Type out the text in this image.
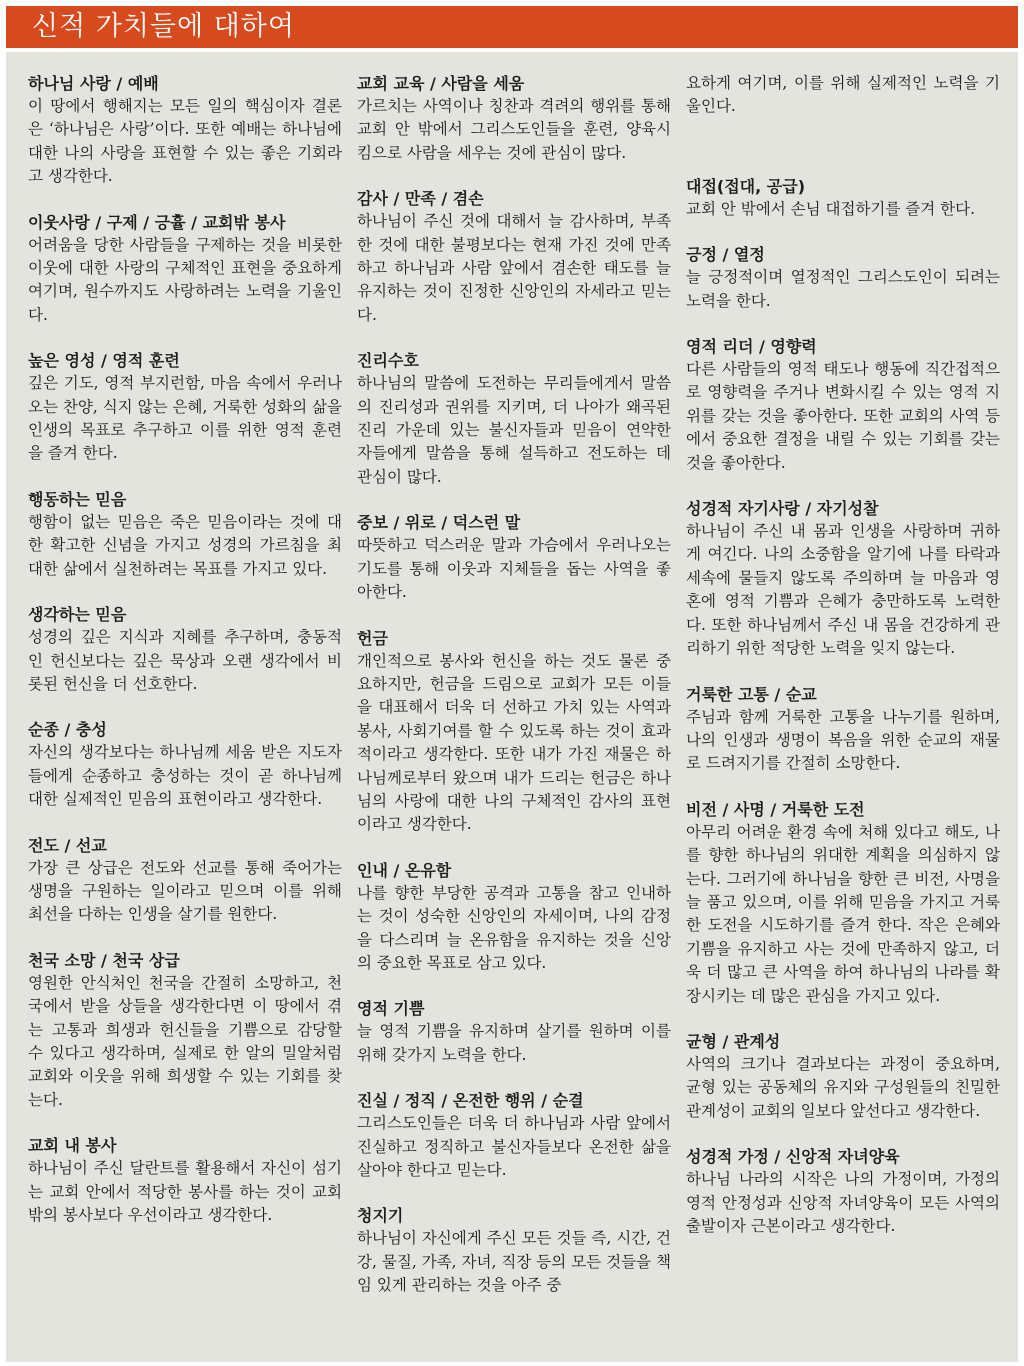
신적 가치들에 대하여
하나님 사랑 / 예배

이 땅에서 행해지는 모든 일의 핵심이자 결론은 ‘하나님은 사랑’이다. 또한 예배는 하나님에 대한 나의 사랑을 표현할 수 있는 좋은 기회라고 생각한다.

이웃사랑 / 구제 / 긍휼 / 교회밖 봉사

어려움을 당한 사람들을 구제하는 것을 비롯한 이웃에 대한 사랑의 구체적인 표현을 중요하게 여기며, 원수까지도 사랑하려는 노력을 기울인다.

높은 영성 / 영적 훈련

깊은 기도, 영적 부지런함, 마음 속에서 우러나오는 찬양, 식지 않는 은혜, 거룩한 성화의 삶을 인생의 목표로 추구하고 이를 위한 영적 훈련을 즐겨 한다.

행동하는 믿음

행함이 없는 믿음은 죽은 믿음이라는 것에 대한 확고한 신념을 가지고 성경의 가르침을 최대한 삶에서 실천하려는 목표를 가지고 있다.

생각하는 믿음

성경의 깊은 지식과 지혜를 추구하며, 충동적인 헌신보다는 깊은 묵상과 오랜 생각에서 비롯된 헌신을 더 선호한다.

순종 / 충성

자신의 생각보다는 하나님께 세움 받은 지도자들에게 순종하고 충성하는 것이 곧 하나님께 대한 실제적인 믿음의 표현이라고 생각한다.

전도 / 선교

가장 큰 상급은 전도와 선교를 통해 죽어가는 생명을 구원하는 일이라고 믿으며 이를 위해 최선을 다하는 인생을 살기를 원한다.

천국 소망 / 천국 상급

영원한 안식처인 천국을 간절히 소망하고, 천국에서 받을 상들을 생각한다면 이 땅에서 겪는 고통과 희생과 헌신들을 기쁨으로 감당할 수 있다고 생각하며, 실제로 한 알의 밀알처럼 교회와 이웃을 위해 희생할 수 있는 기회를 찾는다.

교회 내 봉사

하나님이 주신 달란트를 활용해서 자신이 섬기는 교회 안에서 적당한 봉사를 하는 것이 교회 밖의 봉사보다 우선이라고 생각한다.

교회 교육 / 사람을 세움

가르치는 사역이나 칭찬과 격려의 행위를 통해 교회 안 밖에서 그리스도인들을 훈련, 양육시킴으로 사람을 세우는 것에 관심이 많다.

감사 / 만족 / 겸손

하나님이 주신 것에 대해서 늘 감사하며, 부족한 것에 대한 불평보다는 현재 가진 것에 만족하고 하나님과 사람 앞에서 겸손한 태도를 늘 유지하는 것이 진정한 신앙인의 자세라고 믿는다.

진리수호

하나님의 말씀에 도전하는 무리들에게서 말씀의 진리성과 권위를 지키며, 더 나아가 왜곡된 진리 가운데 있는 불신자들과 믿음이 연약한 자들에게 말씀을 통해 설득하고 전도하는 데 관심이 많다.

중보 / 위로 / 덕스런 말

따뜻하고 덕스러운 말과 가슴에서 우러나오는 기도를 통해 이웃과 지체들을 돕는 사역을 좋아한다.

헌금

개인적으로 봉사와 헌신을 하는 것도 물론 중요하지만, 헌금을 드림으로 교회가 모든 이들을 대표해서 더욱 더 선하고 가치 있는 사역과 봉사, 사회기여를 할 수 있도록 하는 것이 효과적이라고 생각한다. 또한 내가 가진 재물은 하나님께로부터 왔으며 내가 드리는 헌금은 하나님의 사랑에 대한 나의 구체적인 감사의 표현이라고 생각한다.

인내 / 온유함

나를 향한 부당한 공격과 고통을 참고 인내하는 것이 성숙한 신앙인의 자세이며, 나의 감정을 다스리며 늘 온유함을 유지하는 것을 신앙의 중요한 목표로 삼고 있다.

영적 기쁨

늘 영적 기쁨을 유지하며 살기를 원하며 이를 위해 갖가지 노력을 한다.

진실 / 정직 / 온전한 행위 / 순결

그리스도인들은 더욱 더 하나님과 사람 앞에서 진실하고 정직하고 불신자들보다 온전한 삶을 살아야 한다고 믿는다.

청지기

하나님이 자신에게 주신 모든 것들 즉, 시간, 건강, 물질, 가족, 자녀, 직장 등의 모든 것들을 책임 있게 관리하는 것을 아주 중

요하게 여기며, 이를 위해 실제적인 노력을 기울인다.

대접(접대, 공급)

교회 안 밖에서 손님 대접하기를 즐겨 한다.

긍정 / 열정

늘 긍정적이며 열정적인 그리스도인이 되려는 노력을 한다.

영적 리더 / 영향력

다른 사람들의 영적 태도나 행동에 직간접적으로 영향력을 주거나 변화시킬 수 있는 영적 지위를 갖는 것을 좋아한다. 또한 교회의 사역 등에서 중요한 결정을 내릴 수 있는 기회를 갖는 것을 좋아한다.

성경적 자기사랑 / 자기성찰

하나님이 주신 내 몸과 인생을 사랑하며 귀하게 여긴다. 나의 소중함을 알기에 나를 타락과 세속에 물들지 않도록 주의하며 늘 마음과 영혼에 영적 기쁨과 은혜가 충만하도록 노력한다. 또한 하나님께서 주신 내 몸을 건강하게 관리하기 위한 적당한 노력을 잊지 않는다.

거룩한 고통 / 순교

주님과 함께 거룩한 고통을 나누기를 원하며, 나의 인생과 생명이 복음을 위한 순교의 재물로 드려지기를 간절히 소망한다.

비전 / 사명 / 거룩한 도전

아무리 어려운 환경 속에 처해 있다고 해도, 나를 향한 하나님의 위대한 계획을 의심하지 않는다. 그러기에 하나님을 향한 큰 비전, 사명을 늘 품고 있으며, 이를 위해 믿음을 가지고 거룩한 도전을 시도하기를 즐겨 한다. 작은 은혜와 기쁨을 유지하고 사는 것에 만족하지 않고, 더욱 더 많고 큰 사역을 하여 하나님의 나라를 확장시키는 데 많은 관심을 가지고 있다.

균형 / 관계성

사역의 크기나 결과보다는 과정이 중요하며, 균형 있는 공동체의 유지와 구성원들의 친밀한 관계성이 교회의 일보다 앞선다고 생각한다.

성경적 가정 / 신앙적 자녀양육

하나님 나라의 시작은 나의 가정이며, 가정의 영적 안정성과 신앙적 자녀양육이 모든 사역의 출발이자 근본이라고 생각한다.
